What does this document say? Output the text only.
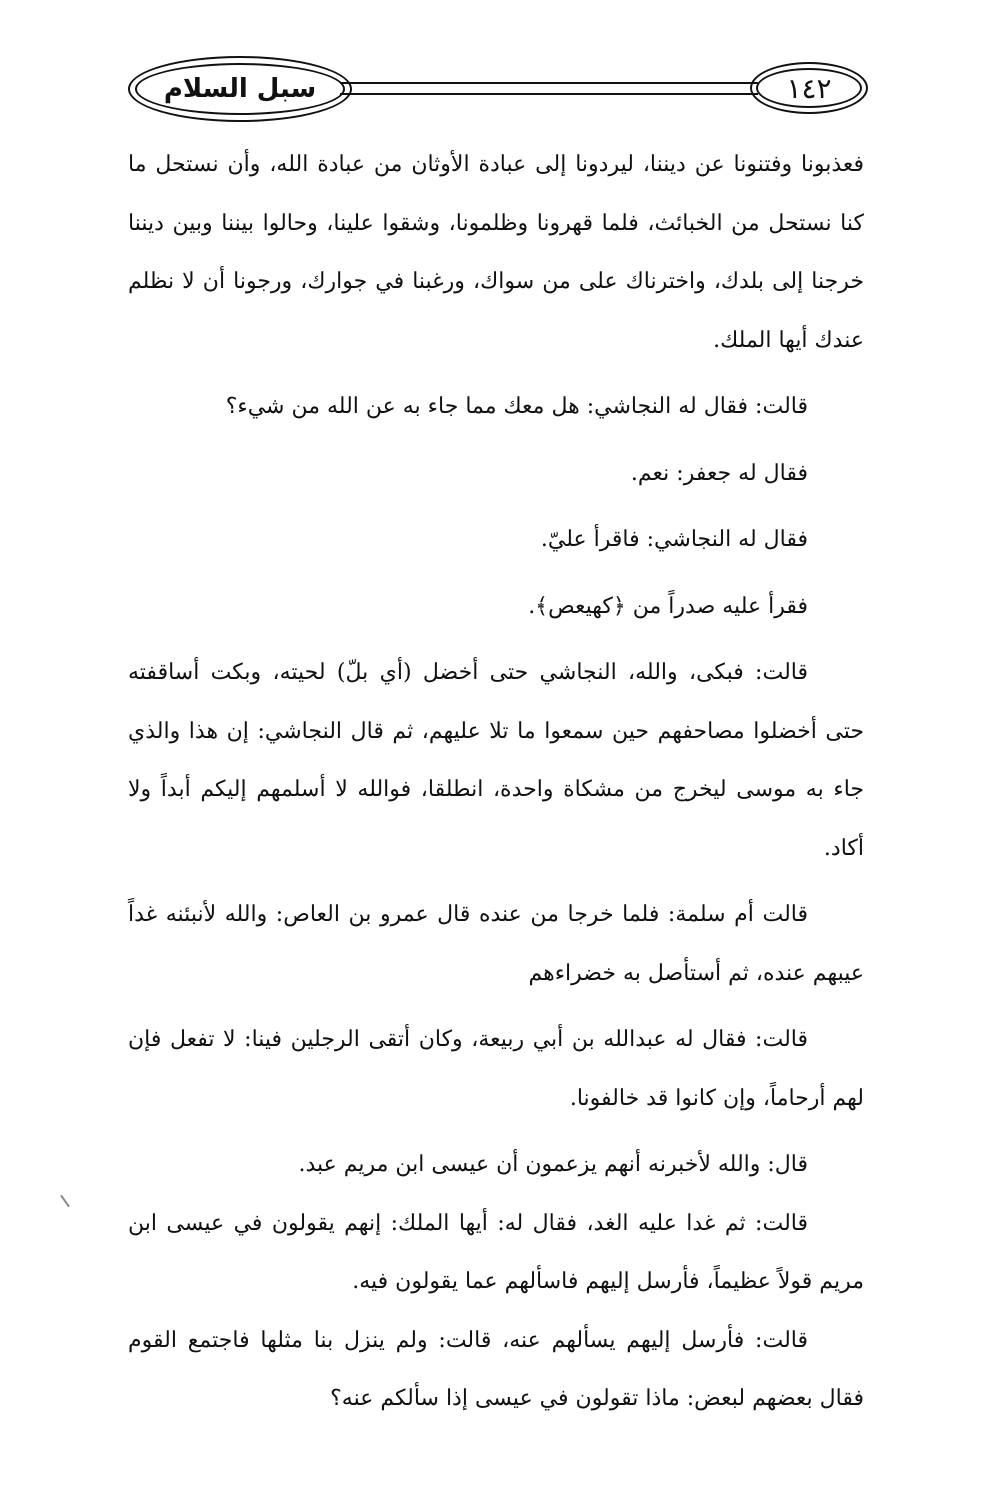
سبل السلام	١٤٢

فعذبونا وفتنونا عن ديننا، ليردونا إلى عبادة الأوثان من عبادة الله، وأن نستحل ما كنا نستحل من الخبائث، فلما قهرونا وظلمونا، وشقوا علينا، وحالوا بيننا وبين ديننا خرجنا إلى بلدك، واخترناك على من سواك، ورغبنا في جوارك، ورجونا أن لا نظلم عندك أيها الملك.

قالت: فقال له النجاشي: هل معك مما جاء به عن الله من شيء؟

فقال له جعفر: نعم.

فقال له النجاشي: فاقرأ عليّ.

فقرأ عليه صدراً من ﴿كهيعص﴾.

قالت: فبكى، والله، النجاشي حتى أخضل (أي بلّ) لحيته، وبكت أساقفته حتى أخضلوا مصاحفهم حين سمعوا ما تلا عليهم، ثم قال النجاشي: إن هذا والذي جاء به موسى ليخرج من مشكاة واحدة، انطلقا، فوالله لا أسلمهم إليكم أبداً ولا أكاد.

قالت أم سلمة: فلما خرجا من عنده قال عمرو بن العاص: والله لأنبئنه غداً عيبهم عنده، ثم أستأصل به خضراءهم

قالت: فقال له عبدالله بن أبي ربيعة، وكان أتقى الرجلين فينا: لا تفعل فإن لهم أرحاماً، وإن كانوا قد خالفونا.

قال: والله لأخبرنه أنهم يزعمون أن عيسى ابن مريم عبد.

قالت: ثم غدا عليه الغد، فقال له: أيها الملك: إنهم يقولون في عيسى ابن مريم قولاً عظيماً، فأرسل إليهم فاسألهم عما يقولون فيه.

قالت: فأرسل إليهم يسألهم عنه، قالت: ولم ينزل بنا مثلها فاجتمع القوم فقال بعضهم لبعض: ماذا تقولون في عيسى إذا سألكم عنه؟
